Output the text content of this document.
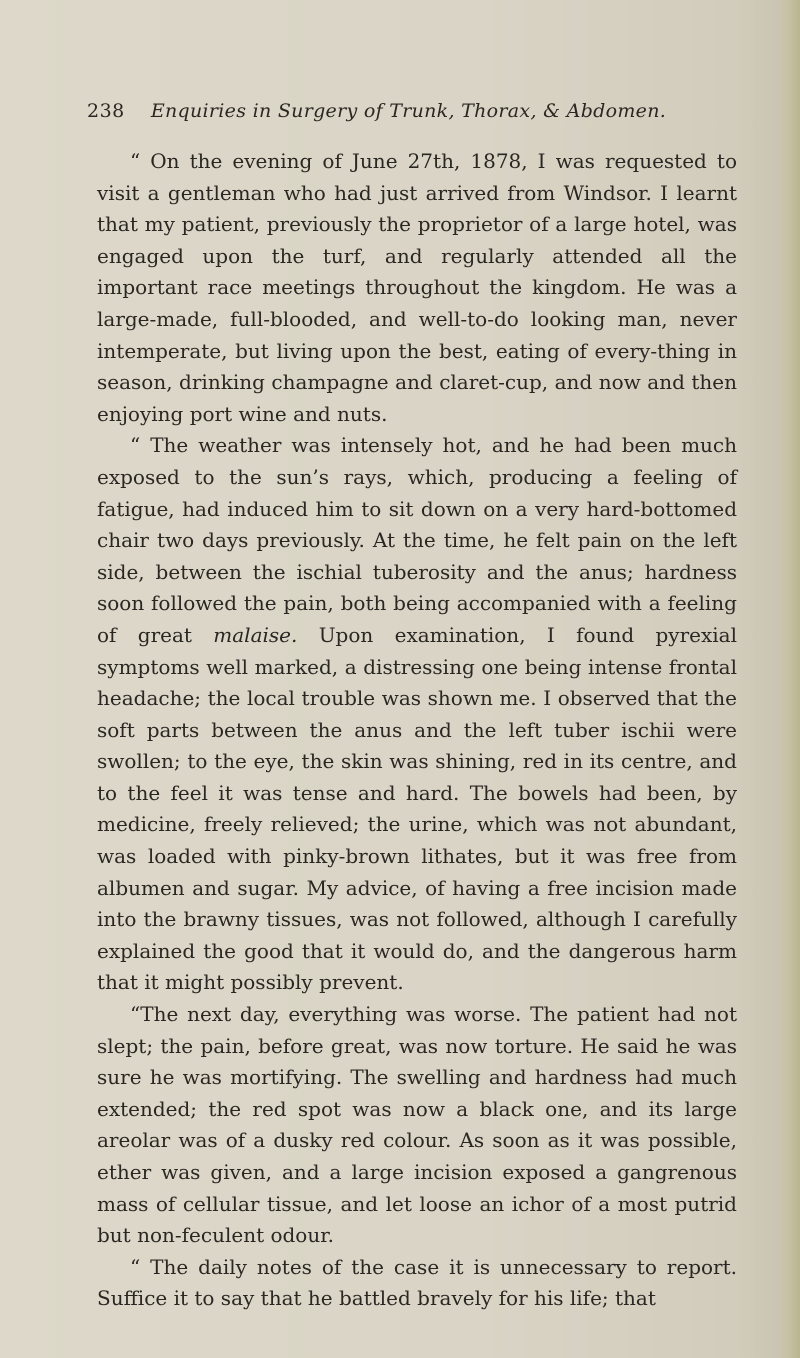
238 Enquiries in Surgery of Trunk, Thorax, & Abdomen.

“ On the evening of June 27th, 1878, I was requested to visit a gentleman who had just arrived from Windsor. I learnt that my patient, previously the proprietor of a large hotel, was engaged upon the turf, and regularly attended all the important race meetings throughout the kingdom. He was a large-made, full-blooded, and well-to-do looking man, never intemperate, but living upon the best, eating of every-thing in season, drinking champagne and claret-cup, and now and then enjoying port wine and nuts.

“ The weather was intensely hot, and he had been much exposed to the sun’s rays, which, producing a feeling of fatigue, had induced him to sit down on a very hard-bottomed chair two days previously. At the time, he felt pain on the left side, between the ischial tuberosity and the anus; hardness soon followed the pain, both being accompanied with a feeling of great malaise. Upon examination, I found pyrexial symptoms well marked, a distressing one being intense frontal headache; the local trouble was shown me. I observed that the soft parts between the anus and the left tuber ischii were swollen; to the eye, the skin was shining, red in its centre, and to the feel it was tense and hard. The bowels had been, by medicine, freely relieved; the urine, which was not abundant, was loaded with pinky-brown lithates, but it was free from albumen and sugar. My advice, of having a free incision made into the brawny tissues, was not followed, although I carefully explained the good that it would do, and the dangerous harm that it might possibly prevent.

“The next day, everything was worse. The patient had not slept; the pain, before great, was now torture. He said he was sure he was mortifying. The swelling and hardness had much extended; the red spot was now a black one, and its large areolar was of a dusky red colour. As soon as it was possible, ether was given, and a large incision exposed a gangrenous mass of cellular tissue, and let loose an ichor of a most putrid but non-feculent odour.

“ The daily notes of the case it is unnecessary to report. Suffice it to say that he battled bravely for his life; that
